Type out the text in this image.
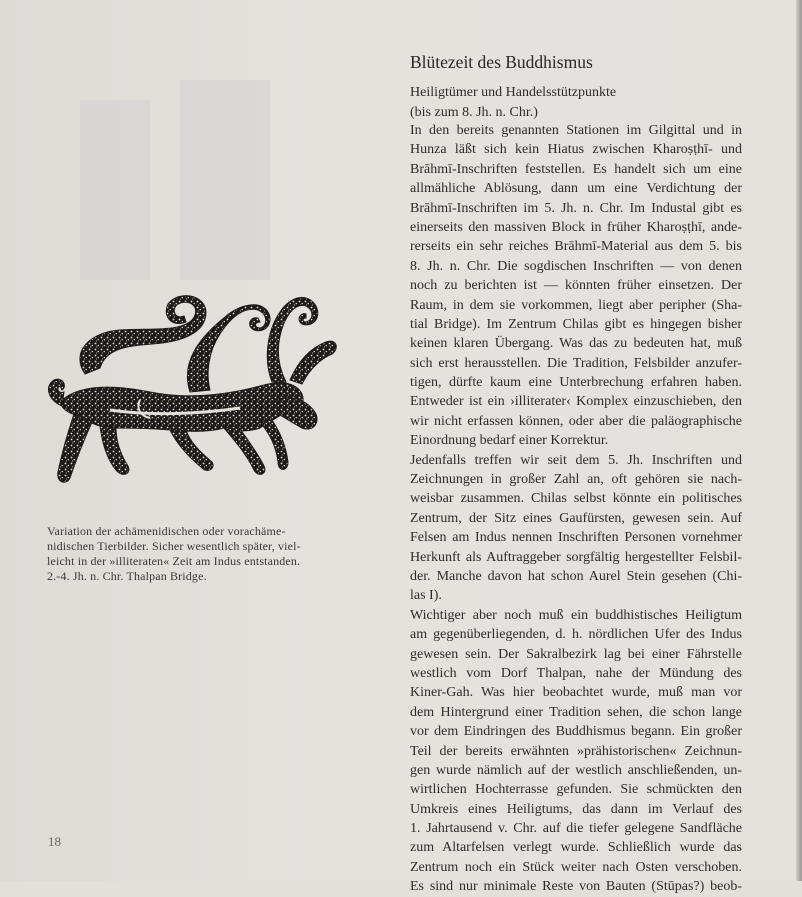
Variation der achämenidischen oder vorachäme-
nidischen Tierbilder. Sicher wesentlich später, viel-
leicht in der »illiteraten« Zeit am Indus entstanden.
2.-4. Jh. n. Chr. Thalpan Bridge.
18
Blütezeit des Buddhismus
Heiligtümer und Handelsstützpunkte
(bis zum 8. Jh. n. Chr.)
In den bereits genannten Stationen im Gilgittal und in
Hunza läßt sich kein Hiatus zwischen Kharoṣṭhī- und
Brāhmī-Inschriften feststellen. Es handelt sich um eine
allmähliche Ablösung, dann um eine Verdichtung der
Brāhmī-Inschriften im 5. Jh. n. Chr. Im Industal gibt es
einerseits den massiven Block in früher Kharoṣṭhī, ande-
rerseits ein sehr reiches Brāhmī-Material aus dem 5. bis
8. Jh. n. Chr. Die sogdischen Inschriften — von denen
noch zu berichten ist — könnten früher einsetzen. Der
Raum, in dem sie vorkommen, liegt aber peripher (Sha-
tial Bridge). Im Zentrum Chilas gibt es hingegen bisher
keinen klaren Übergang. Was das zu bedeuten hat, muß
sich erst herausstellen. Die Tradition, Felsbilder anzufer-
tigen, dürfte kaum eine Unterbrechung erfahren haben.
Entweder ist ein ›illiterater‹ Komplex einzuschieben, den
wir nicht erfassen können, oder aber die paläographische
Einordnung bedarf einer Korrektur.
Jedenfalls treffen wir seit dem 5. Jh. Inschriften und
Zeichnungen in großer Zahl an, oft gehören sie nach-
weisbar zusammen. Chilas selbst könnte ein politisches
Zentrum, der Sitz eines Gaufürsten, gewesen sein. Auf
Felsen am Indus nennen Inschriften Personen vornehmer
Herkunft als Auftraggeber sorgfältig hergestellter Felsbil-
der. Manche davon hat schon Aurel Stein gesehen (Chi-
las I).
Wichtiger aber noch muß ein buddhistisches Heiligtum
am gegenüberliegenden, d. h. nördlichen Ufer des Indus
gewesen sein. Der Sakralbezirk lag bei einer Fährstelle
westlich vom Dorf Thalpan, nahe der Mündung des
Kiner-Gah. Was hier beobachtet wurde, muß man vor
dem Hintergrund einer Tradition sehen, die schon lange
vor dem Eindringen des Buddhismus begann. Ein großer
Teil der bereits erwähnten »prähistorischen« Zeichnun-
gen wurde nämlich auf der westlich anschließenden, un-
wirtlichen Hochterrasse gefunden. Sie schmückten den
Umkreis eines Heiligtums, das dann im Verlauf des
1. Jahrtausend v. Chr. auf die tiefer gelegene Sandfläche
zum Altarfelsen verlegt wurde. Schließlich wurde das
Zentrum noch ein Stück weiter nach Osten verschoben.
Es sind nur minimale Reste von Bauten (Stūpas?) beob-
